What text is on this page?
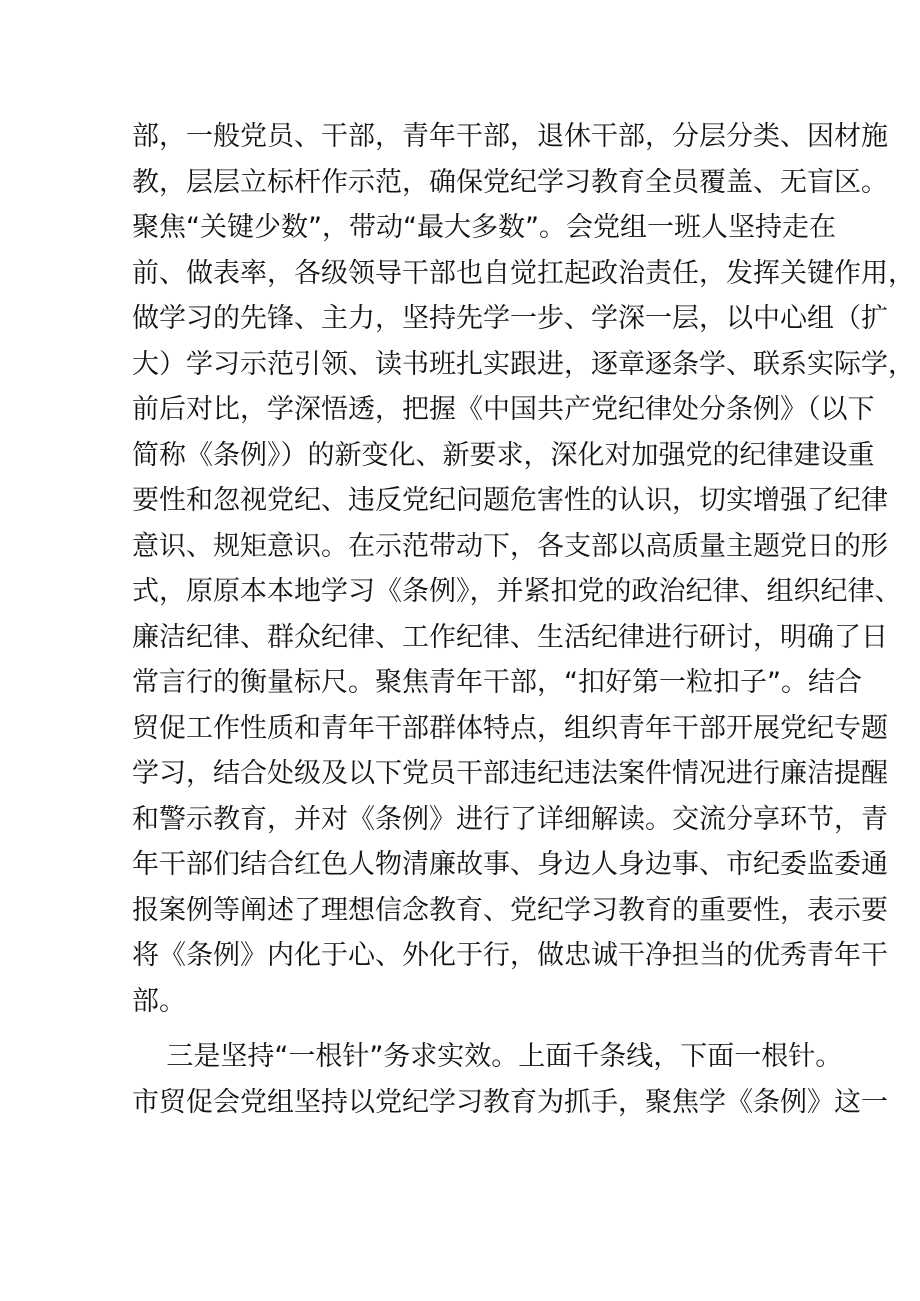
部，一般党员、干部，青年干部，退休干部，分层分类、因材施
教，层层立标杆作示范，确保党纪学习教育全员覆盖、无盲区。
聚焦“关键少数”，带动“最大多数”。会党组一班人坚持走在
前、做表率，各级领导干部也自觉扛起政治责任，发挥关键作用，
做学习的先锋、主力，坚持先学一步、学深一层，以中心组（扩
大）学习示范引领、读书班扎实跟进，逐章逐条学、联系实际学，
前后对比，学深悟透，把握《中国共产党纪律处分条例》（以下
简称《条例》）的新变化、新要求，深化对加强党的纪律建设重
要性和忽视党纪、违反党纪问题危害性的认识，切实增强了纪律
意识、规矩意识。在示范带动下，各支部以高质量主题党日的形
式，原原本本地学习《条例》，并紧扣党的政治纪律、组织纪律、
廉洁纪律、群众纪律、工作纪律、生活纪律进行研讨，明确了日
常言行的衡量标尺。聚焦青年干部，“扣好第一粒扣子”。结合
贸促工作性质和青年干部群体特点，组织青年干部开展党纪专题
学习，结合处级及以下党员干部违纪违法案件情况进行廉洁提醒
和警示教育，并对《条例》进行了详细解读。交流分享环节，青
年干部们结合红色人物清廉故事、身边人身边事、市纪委监委通
报案例等阐述了理想信念教育、党纪学习教育的重要性，表示要
将《条例》内化于心、外化于行，做忠诚干净担当的优秀青年干
部。
三是坚持“一根针”务求实效。上面千条线，下面一根针。
市贸促会党组坚持以党纪学习教育为抓手，聚焦学《条例》这一
